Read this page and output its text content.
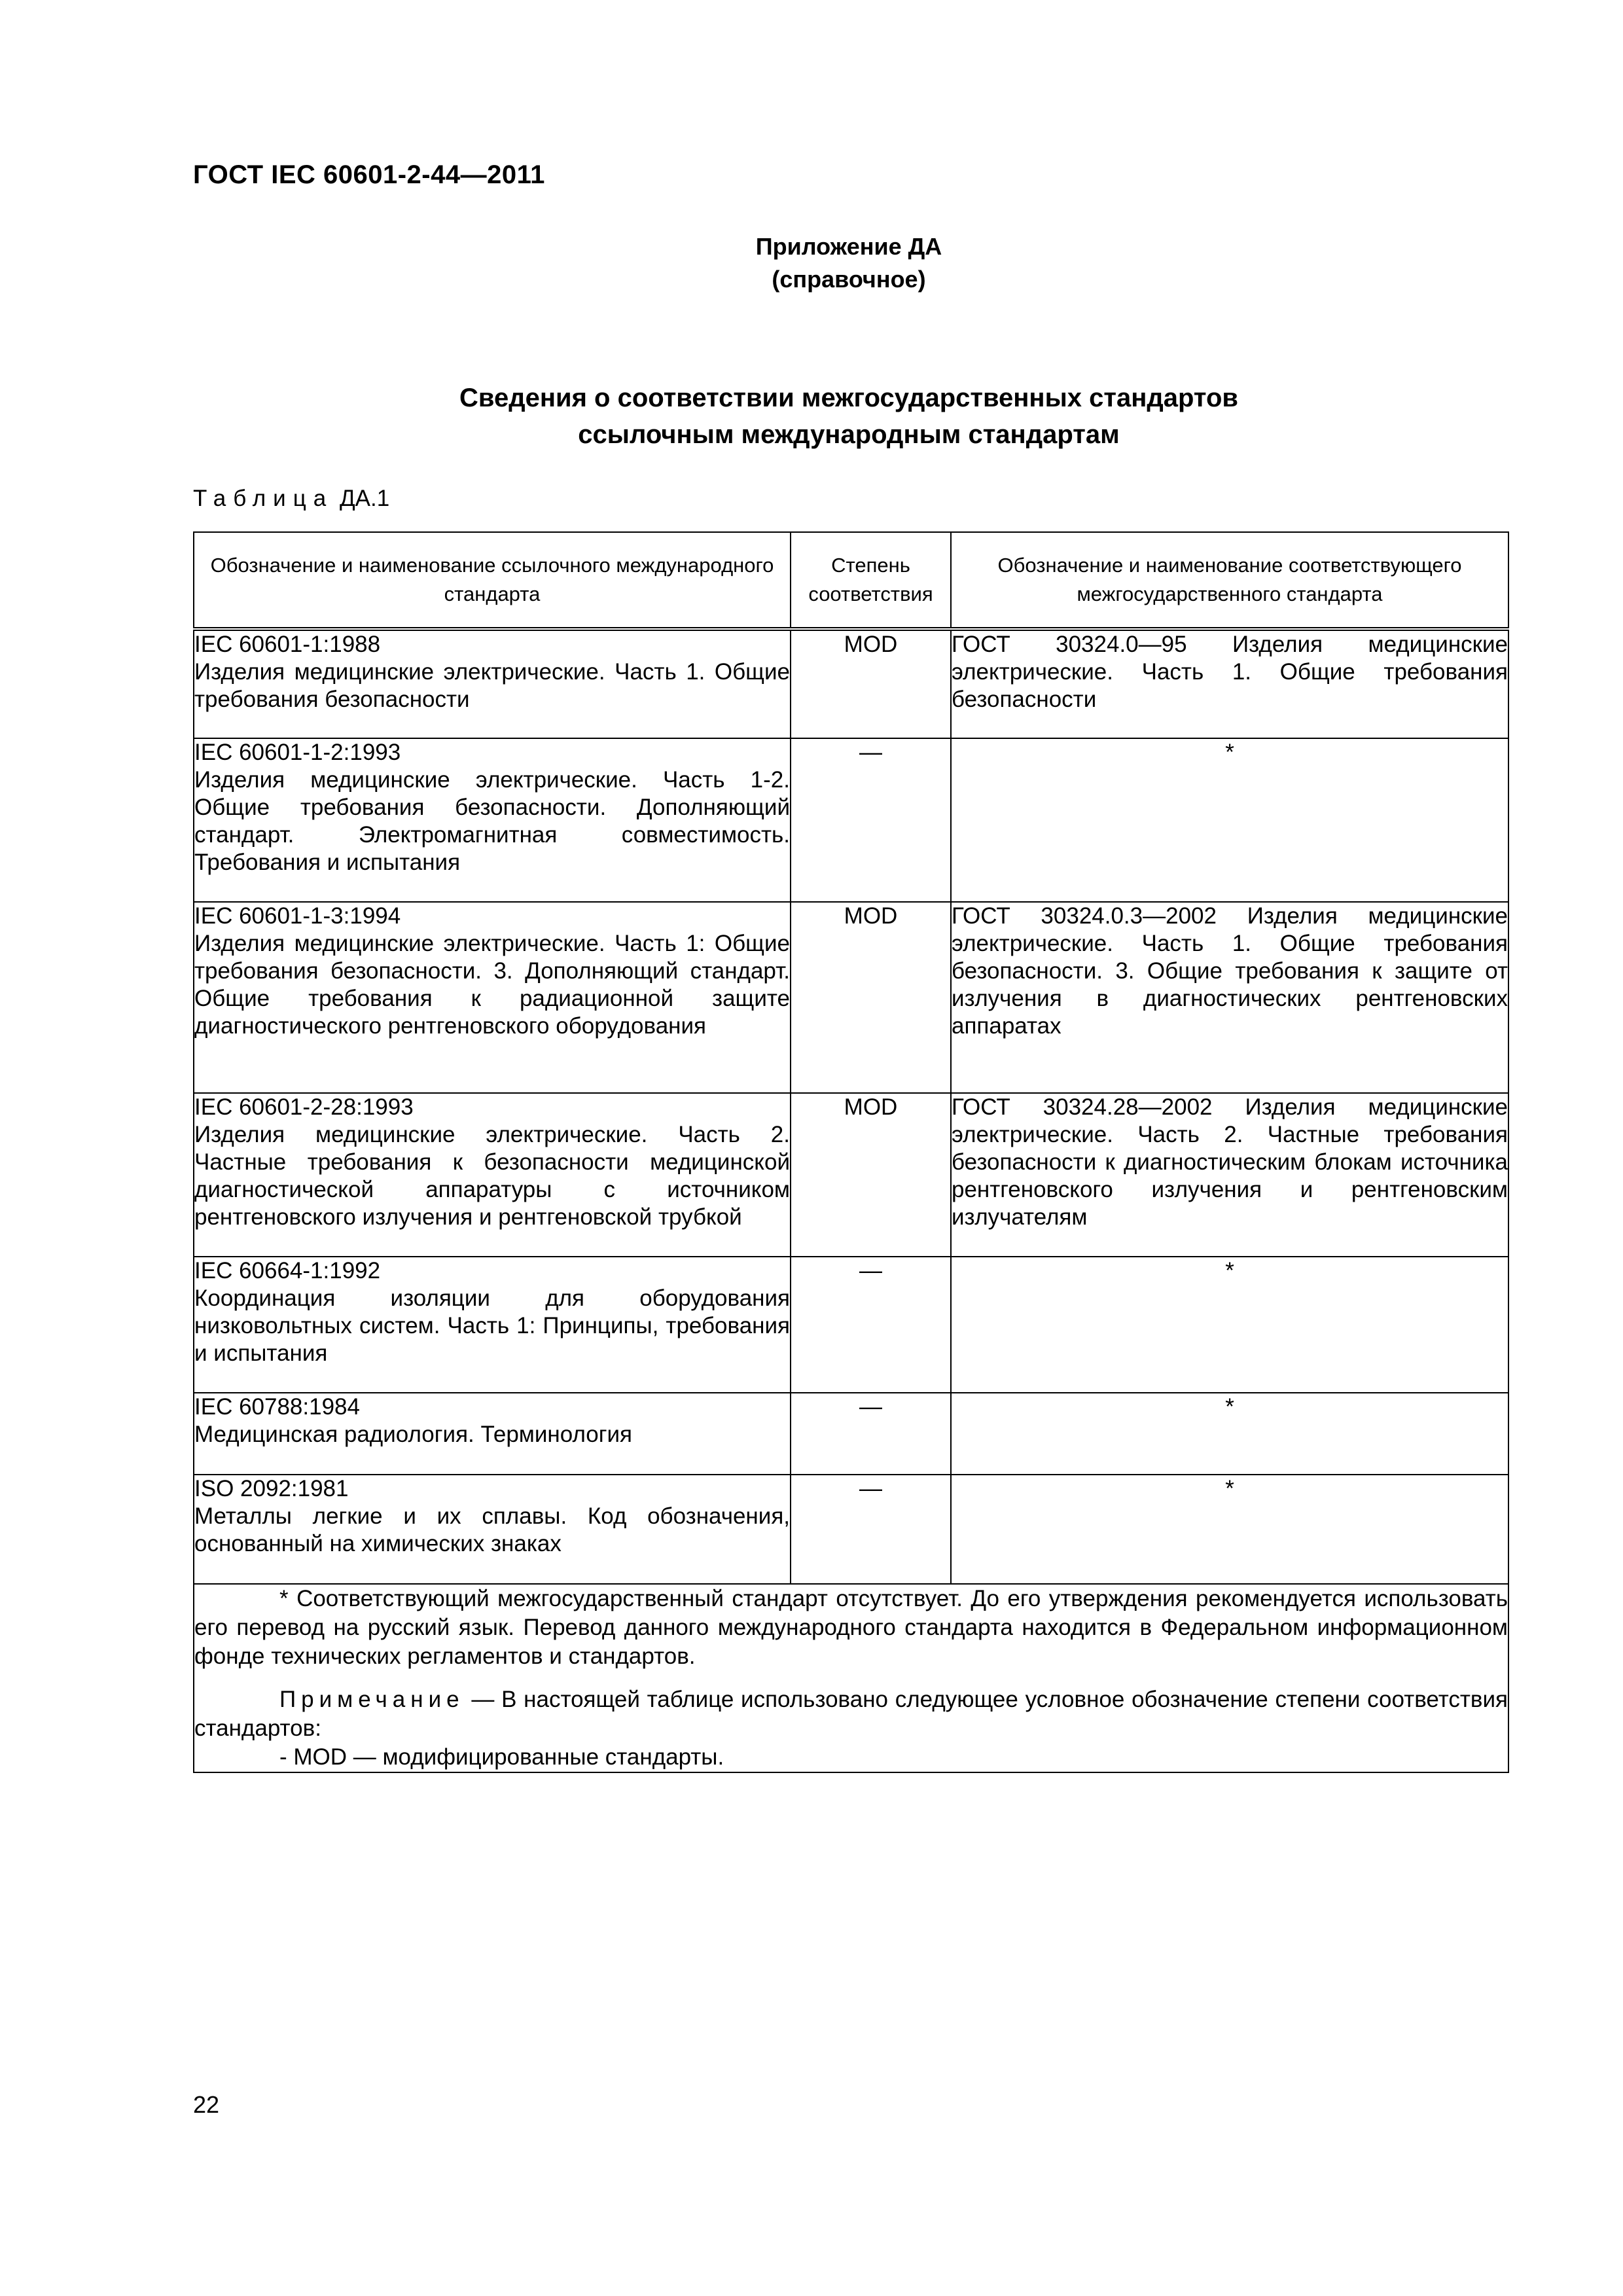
ГОСТ IEC 60601-2-44—2011
Приложение ДА
(справочное)
Сведения о соответствии межгосударственных стандартов
ссылочным международным стандартам
Таблица ДА.1
Обозначение и наименование ссылочного международного стандарта	Степень соответствия	Обозначение и наименование соответствующего межгосударственного стандарта

IEC 60601-1:1988
Изделия медицинские электрические. Часть 1. Общие требования безопасности	MOD	ГОСТ 30324.0—95 Изделия медицинские электрические. Часть 1. Общие требования безопасности

IEC 60601-1-2:1993
Изделия медицинские электрические. Часть 1-2. Общие требования безопасности. Дополняющий стандарт. Электромагнитная совместимость. Требования и испытания	—	*

IEC 60601-1-3:1994
Изделия медицинские электрические. Часть 1: Общие требования безопасности. 3. Дополняющий стандарт. Общие требования к радиационной защите диагностического рентгеновского оборудования	MOD	ГОСТ 30324.0.3—2002 Изделия медицинские электрические. Часть 1. Общие требования безопасности. 3. Общие требования к защите от излучения в диагностических рентгеновских аппаратах

IEC 60601-2-28:1993
Изделия медицинские электрические. Часть 2. Частные требования к безопасности медицинской диагностической аппаратуры с источником рентгеновского излучения и рентгеновской трубкой	MOD	ГОСТ 30324.28—2002 Изделия медицинские электрические. Часть 2. Частные требования безопасности к диагностическим блокам источника рентгеновского излучения и рентгеновским излучателям

IEC 60664-1:1992
Координация изоляции для оборудования низковольтных систем. Часть 1: Принципы, требования и испытания	—	*

IEC 60788:1984
Медицинская радиология. Терминология	—	*

ISO 2092:1981
Металлы легкие и их сплавы. Код обозначения, основанный на химических знаках	—	*

* Соответствующий межгосударственный стандарт отсутствует. До его утверждения рекомендуется использовать его перевод на русский язык. Перевод данного международного стандарта находится в Федеральном информационном фонде технических регламентов и стандартов.

Примечание — В настоящей таблице использовано следующее условное обозначение степени соответствия стандартов:

- MOD — модифицированные стандарты.		

22
